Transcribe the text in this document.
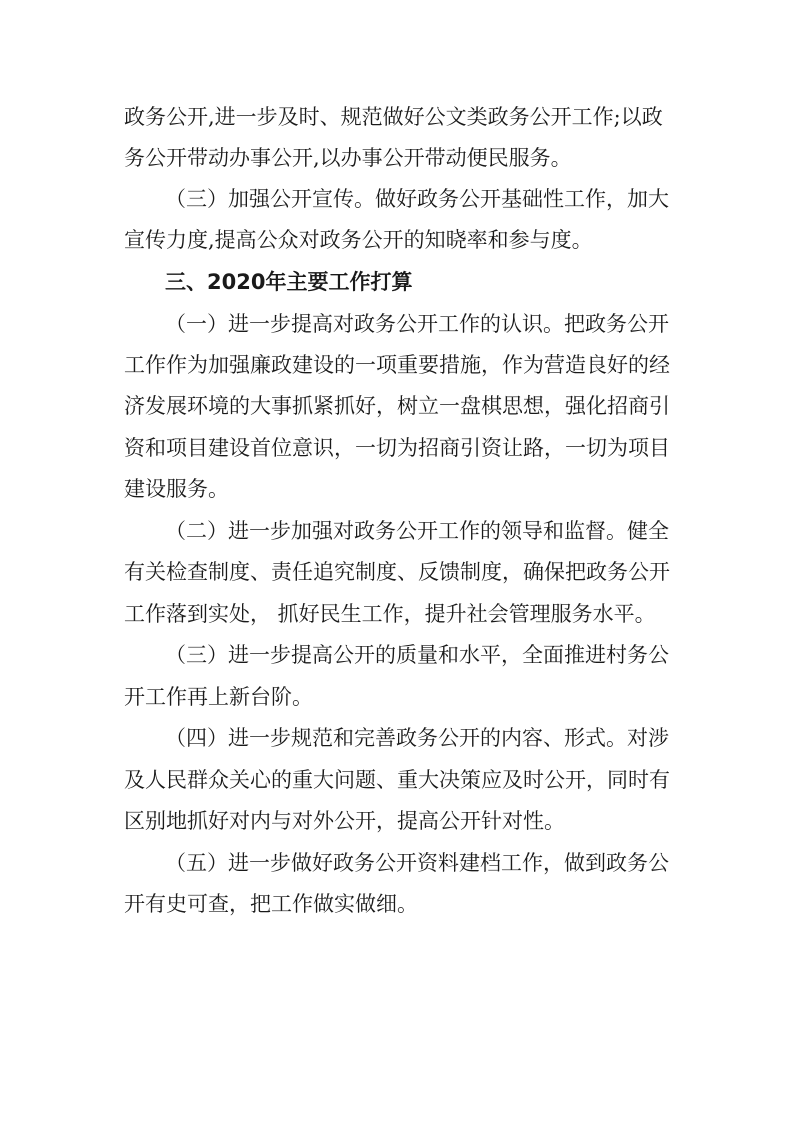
政务公开,进一步及时、规范做好公文类政务公开工作;以政
务公开带动办事公开,以办事公开带动便民服务。
（三）加强公开宣传。做好政务公开基础性工作，加大
宣传力度,提高公众对政务公开的知晓率和参与度。
三、2020年主要工作打算
（一）进一步提高对政务公开工作的认识。把政务公开
工作作为加强廉政建设的一项重要措施，作为营造良好的经
济发展环境的大事抓紧抓好，树立一盘棋思想，强化招商引
资和项目建设首位意识，一切为招商引资让路，一切为项目
建设服务。
（二）进一步加强对政务公开工作的领导和监督。健全
有关检查制度、责任追究制度、反馈制度，确保把政务公开
工作落到实处， 抓好民生工作，提升社会管理服务水平。
（三）进一步提高公开的质量和水平，全面推进村务公
开工作再上新台阶。
（四）进一步规范和完善政务公开的内容、形式。对涉
及人民群众关心的重大问题、重大决策应及时公开，同时有
区别地抓好对内与对外公开，提高公开针对性。
（五）进一步做好政务公开资料建档工作，做到政务公
开有史可查，把工作做实做细。
